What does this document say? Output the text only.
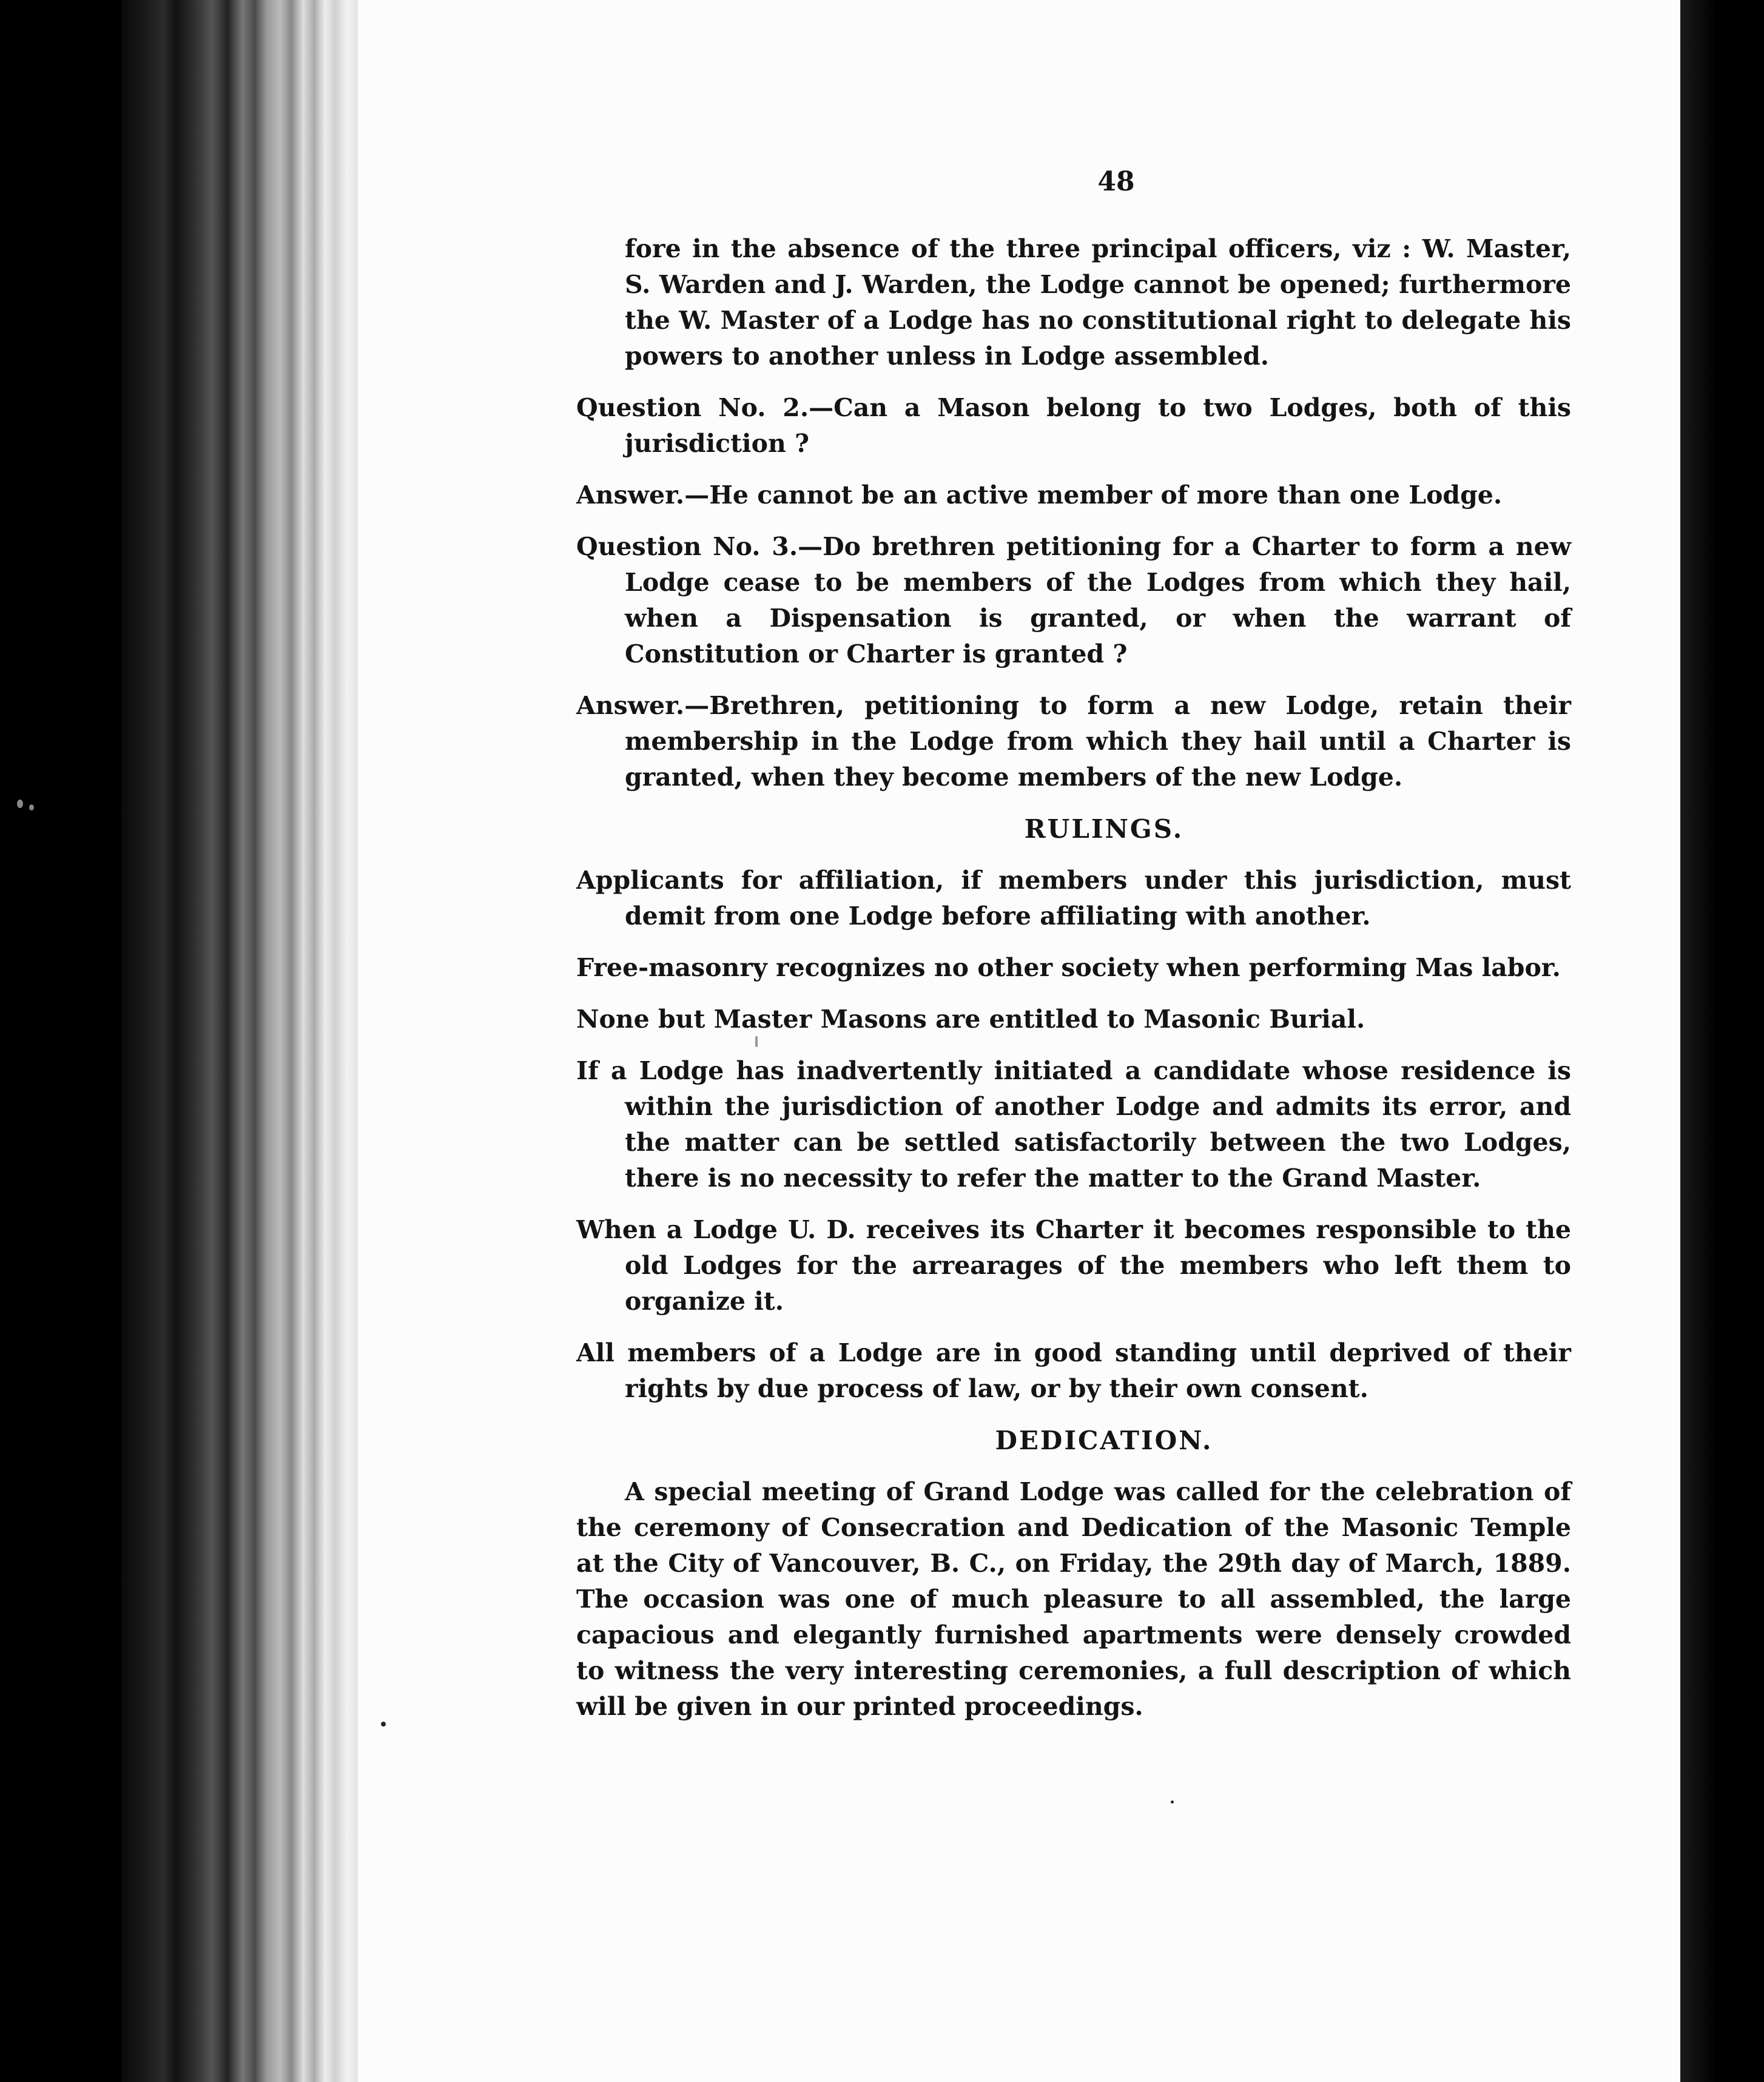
48

fore in the absence of the three principal officers, viz : W. Master, S. Warden and J. Warden, the Lodge cannot be opened; furthermore the W. Master of a Lodge has no constitutional right to delegate his powers to another unless in Lodge assembled.

Question No. 2.—Can a Mason belong to two Lodges, both of this jurisdiction ?

Answer.—He cannot be an active member of more than one Lodge.

Question No. 3.—Do brethren petitioning for a Charter to form a new Lodge cease to be members of the Lodges from which they hail, when a Dispensation is granted, or when the warrant of Constitution or Charter is granted ?

Answer.—Brethren, petitioning to form a new Lodge, retain their membership in the Lodge from which they hail until a Charter is granted, when they become members of the new Lodge.

RULINGS.

Applicants for affiliation, if members under this jurisdiction, must demit from one Lodge before affiliating with another.

Free-masonry recognizes no other society when performing Mas labor.

None but Master Masons are entitled to Masonic Burial.

If a Lodge has inadvertently initiated a candidate whose residence is within the jurisdiction of another Lodge and admits its error, and the matter can be settled satisfactorily between the two Lodges, there is no necessity to refer the matter to the Grand Master.

When a Lodge U. D. receives its Charter it becomes responsible to the old Lodges for the arrearages of the members who left them to organize it.

All members of a Lodge are in good standing until deprived of their rights by due process of law, or by their own consent.

DEDICATION.

A special meeting of Grand Lodge was called for the celebration of the ceremony of Consecration and Dedication of the Masonic Temple at the City of Vancouver, B. C., on Friday, the 29th day of March, 1889. The occasion was one of much pleasure to all assembled, the large capacious and elegantly furnished apartments were densely crowded to witness the very interesting ceremonies, a full description of which will be given in our printed proceedings.
